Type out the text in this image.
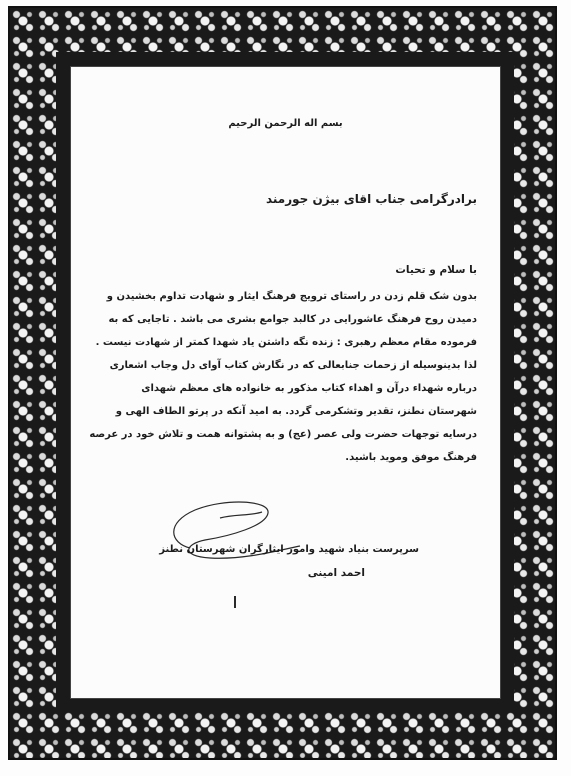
بسم اله الرحمن الرحیم
برادرگرامی جناب اقای بیژن جورمند
با سلام و تحیات
بدون شک قلم زدن در راستای ترویج فرهنگ ایثار و شهادت تداوم بخشیدن و
دمیدن روح فرهنگ عاشورایی در کالبد جوامع بشری می باشد . تاجایی که به
فرموده مقام معظم رهبری : زنده نگه داشتن یاد شهدا کمتر از شهادت نیست .
لذا بدینوسیله از زحمات جنابعالی که در نگارش کتاب آوای دل وجاب اشعاری
درباره شهداء درآن و اهداء کتاب مذکور به خانواده های معظم شهدای
شهرستان نطنز، تقدیر وتشکرمی گردد. به امید آنکه در پرتو الطاف الهی و
درسایه توجهات حضرت ولی عصر (عج) و به پشتوانه همت و تلاش خود در عرصه
فرهنگ موفق وموید باشید.
سرپرست بنیاد شهید وامور ایثارگران شهرستان نطنز
احمد امینی
